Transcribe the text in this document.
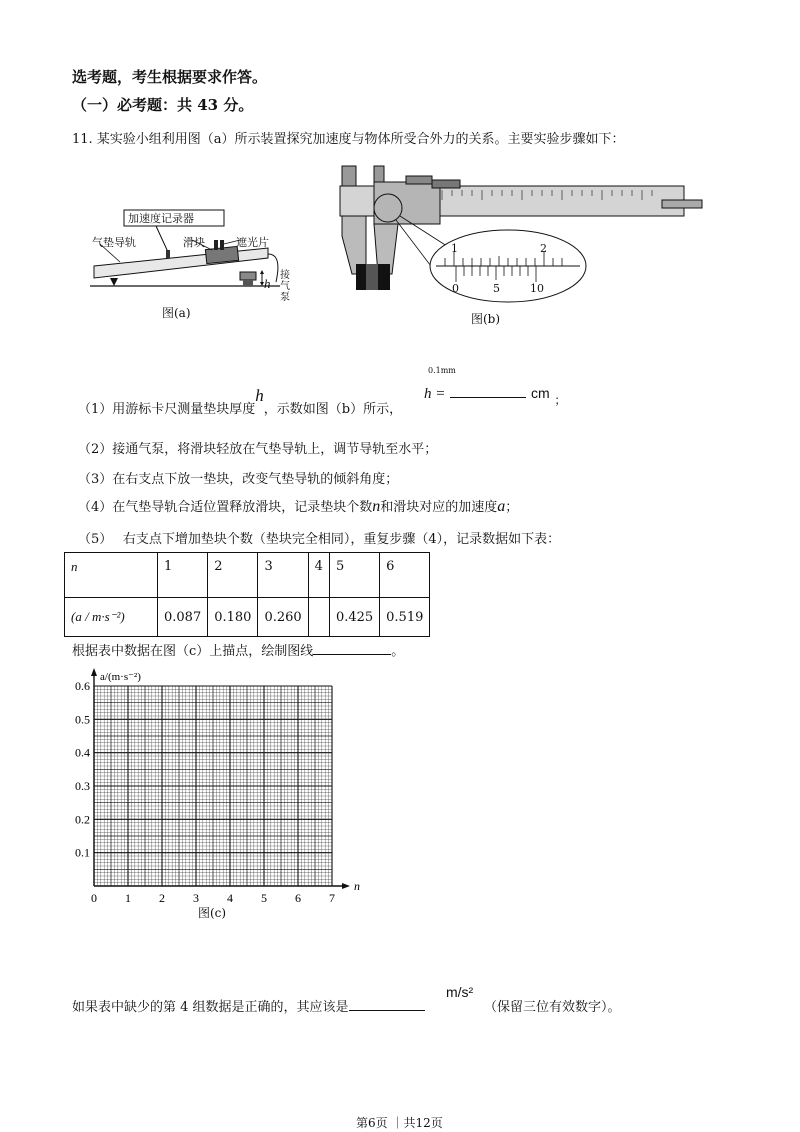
选考题，考生根据要求作答。
（一）必考题：共 43 分。
11. 某实验小组利用图（a）所示装置探究加速度与物体所受合外力的关系。主要实验步骤如下：
加速度记录器
气垫导轨	滑块	遮光片
h
接
气
泵
图(a)
0.1mm
1	2
0	5	10
图(b)
（1）用游标卡尺测量垫块厚度h，示数如图（b）所示，
h =	cm $_;$
（2）接通气泵，将滑块轻放在气垫导轨上，调节导轨至水平；
（3）在右支点下放一垫块，改变气垫导轨的倾斜角度；
（4）在气垫导轨合适位置释放滑块，记录垫块个数n和滑块对应的加速度a；
（5）　 右支点下增加垫块个数（垫块完全相同），重复步骤（4），记录数据如下表：
n	1	2	3	4	5	6
(a / m·s⁻²)	0.087	0.180	0.260		0.425	0.519
根据表中数据在图（c）上描点，绘制图线	。
0 1 2 3 4 5 6 7
0.1
0.2
0.3
0.4
0.5
0.6
n
a/(m·s⁻²)
图(c)
如果表中缺少的第 4 组数据是正确的，其应该是
m/s²
（保留三位有效数字）。
第6页 ｜共12页
